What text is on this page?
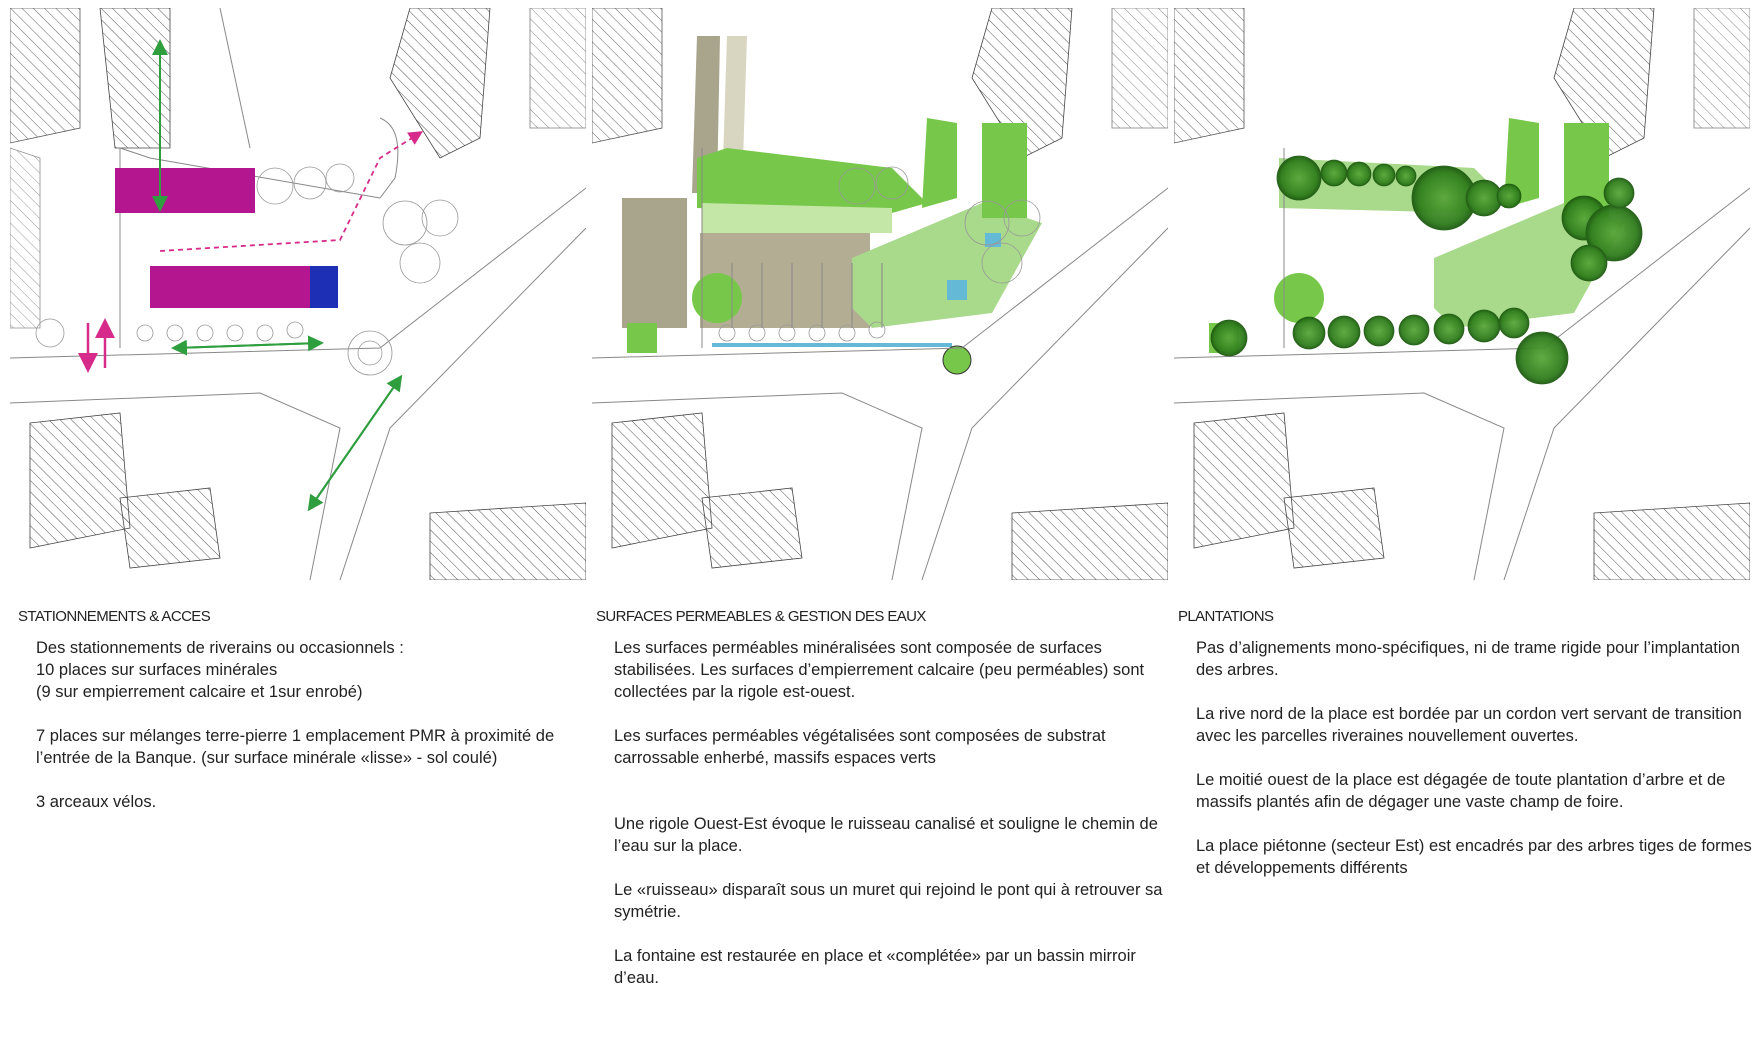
STATIONNEMENTS & ACCES

Des stationnements de riverains ou occasionnels :
10 places sur surfaces minérales
(9 sur empierrement calcaire et 1sur enrobé)

7 places sur mélanges terre-pierre 1 emplacement PMR à proximité de l’entrée de la Banque. (sur surface minérale «lisse» - sol coulé)

3 arceaux vélos.

SURFACES PERMEABLES & GESTION DES EAUX

Les surfaces perméables minéralisées sont composée de surfaces stabilisées. Les surfaces d’empierrement calcaire (peu perméables) sont collectées par la rigole est-ouest.

Les surfaces perméables végétalisées sont composées de substrat carrossable enherbé, massifs espaces verts

Une rigole Ouest-Est évoque le ruisseau canalisé et souligne le chemin de l’eau sur la place.

Le «ruisseau» disparaît sous un muret qui rejoind le pont qui à retrouver sa symétrie.

La fontaine est restaurée en place et «complétée» par un bassin mirroir d’eau.

PLANTATIONS

Pas d’alignements mono-spécifiques, ni de trame rigide pour l’implantation des arbres.

La rive nord de la place est bordée par un cordon vert servant de transition avec les parcelles riveraines nouvellement ouvertes.

Le moitié ouest de la place est dégagée de toute plantation d’arbre et de massifs plantés afin de dégager une vaste champ de foire.

La place piétonne (secteur Est) est encadrés par des arbres tiges de formes et développements différents
